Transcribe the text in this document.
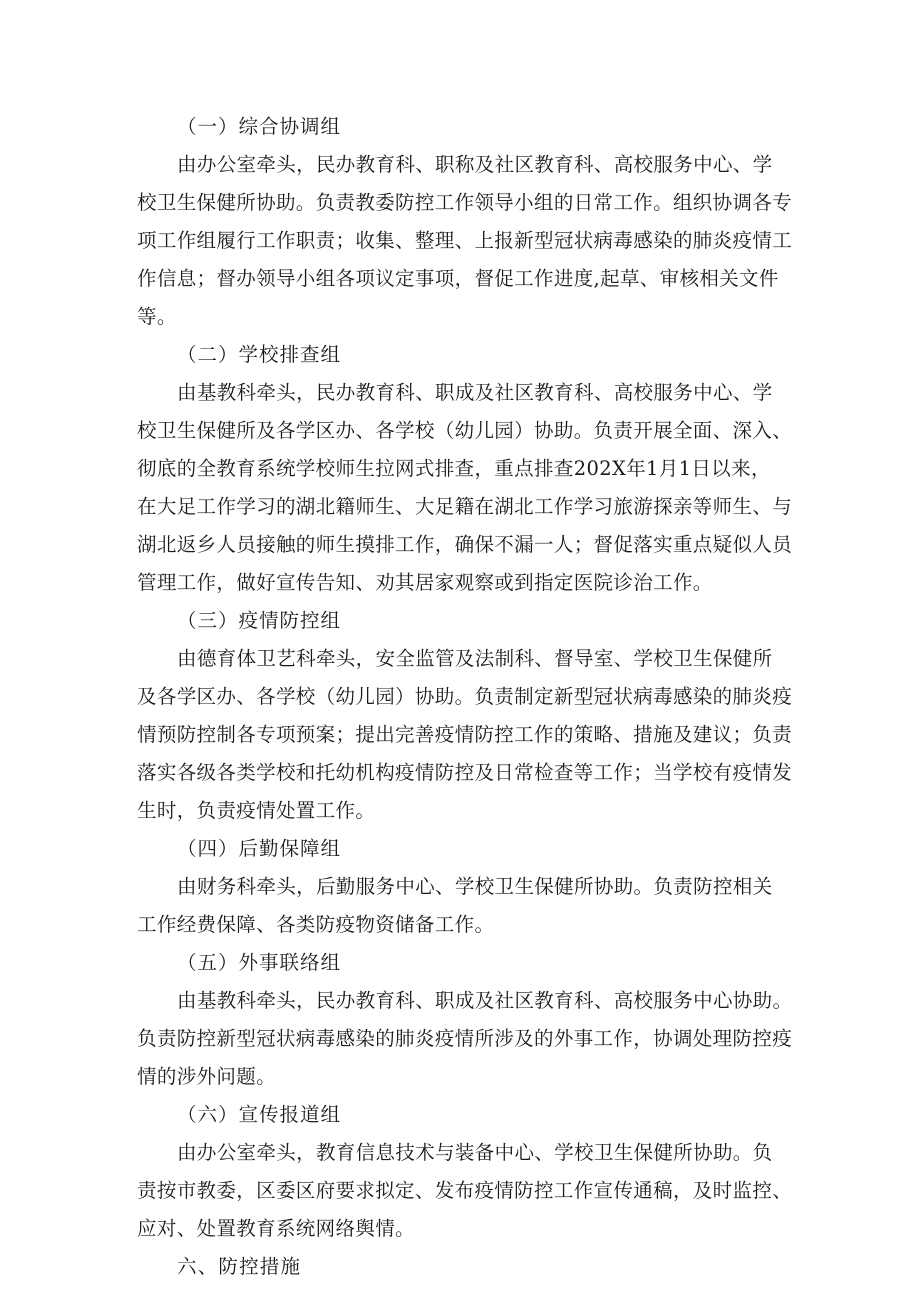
（一）综合协调组
由办公室牵头，民办教育科、职称及社区教育科、高校服务中心、学
校卫生保健所协助。负责教委防控工作领导小组的日常工作。组织协调各专
项工作组履行工作职责；收集、整理、上报新型冠状病毒感染的肺炎疫情工
作信息；督办领导小组各项议定事项，督促工作进度,起草、审核相关文件
等。
（二）学校排查组
由基教科牵头，民办教育科、职成及社区教育科、高校服务中心、学
校卫生保健所及各学区办、各学校（幼儿园）协助。负责开展全面、深入、
彻底的全教育系统学校师生拉网式排查，重点排查202X年1月1日以来，
在大足工作学习的湖北籍师生、大足籍在湖北工作学习旅游探亲等师生、与
湖北返乡人员接触的师生摸排工作，确保不漏一人；督促落实重点疑似人员
管理工作，做好宣传告知、劝其居家观察或到指定医院诊治工作。
（三）疫情防控组
由德育体卫艺科牵头，安全监管及法制科、督导室、学校卫生保健所
及各学区办、各学校（幼儿园）协助。负责制定新型冠状病毒感染的肺炎疫
情预防控制各专项预案；提出完善疫情防控工作的策略、措施及建议；负责
落实各级各类学校和托幼机构疫情防控及日常检查等工作；当学校有疫情发
生时，负责疫情处置工作。
（四）后勤保障组
由财务科牵头，后勤服务中心、学校卫生保健所协助。负责防控相关
工作经费保障、各类防疫物资储备工作。
（五）外事联络组
由基教科牵头，民办教育科、职成及社区教育科、高校服务中心协助。
负责防控新型冠状病毒感染的肺炎疫情所涉及的外事工作，协调处理防控疫
情的涉外问题。
（六）宣传报道组
由办公室牵头，教育信息技术与装备中心、学校卫生保健所协助。负
责按市教委，区委区府要求拟定、发布疫情防控工作宣传通稿，及时监控、
应对、处置教育系统网络舆情。
六、防控措施
